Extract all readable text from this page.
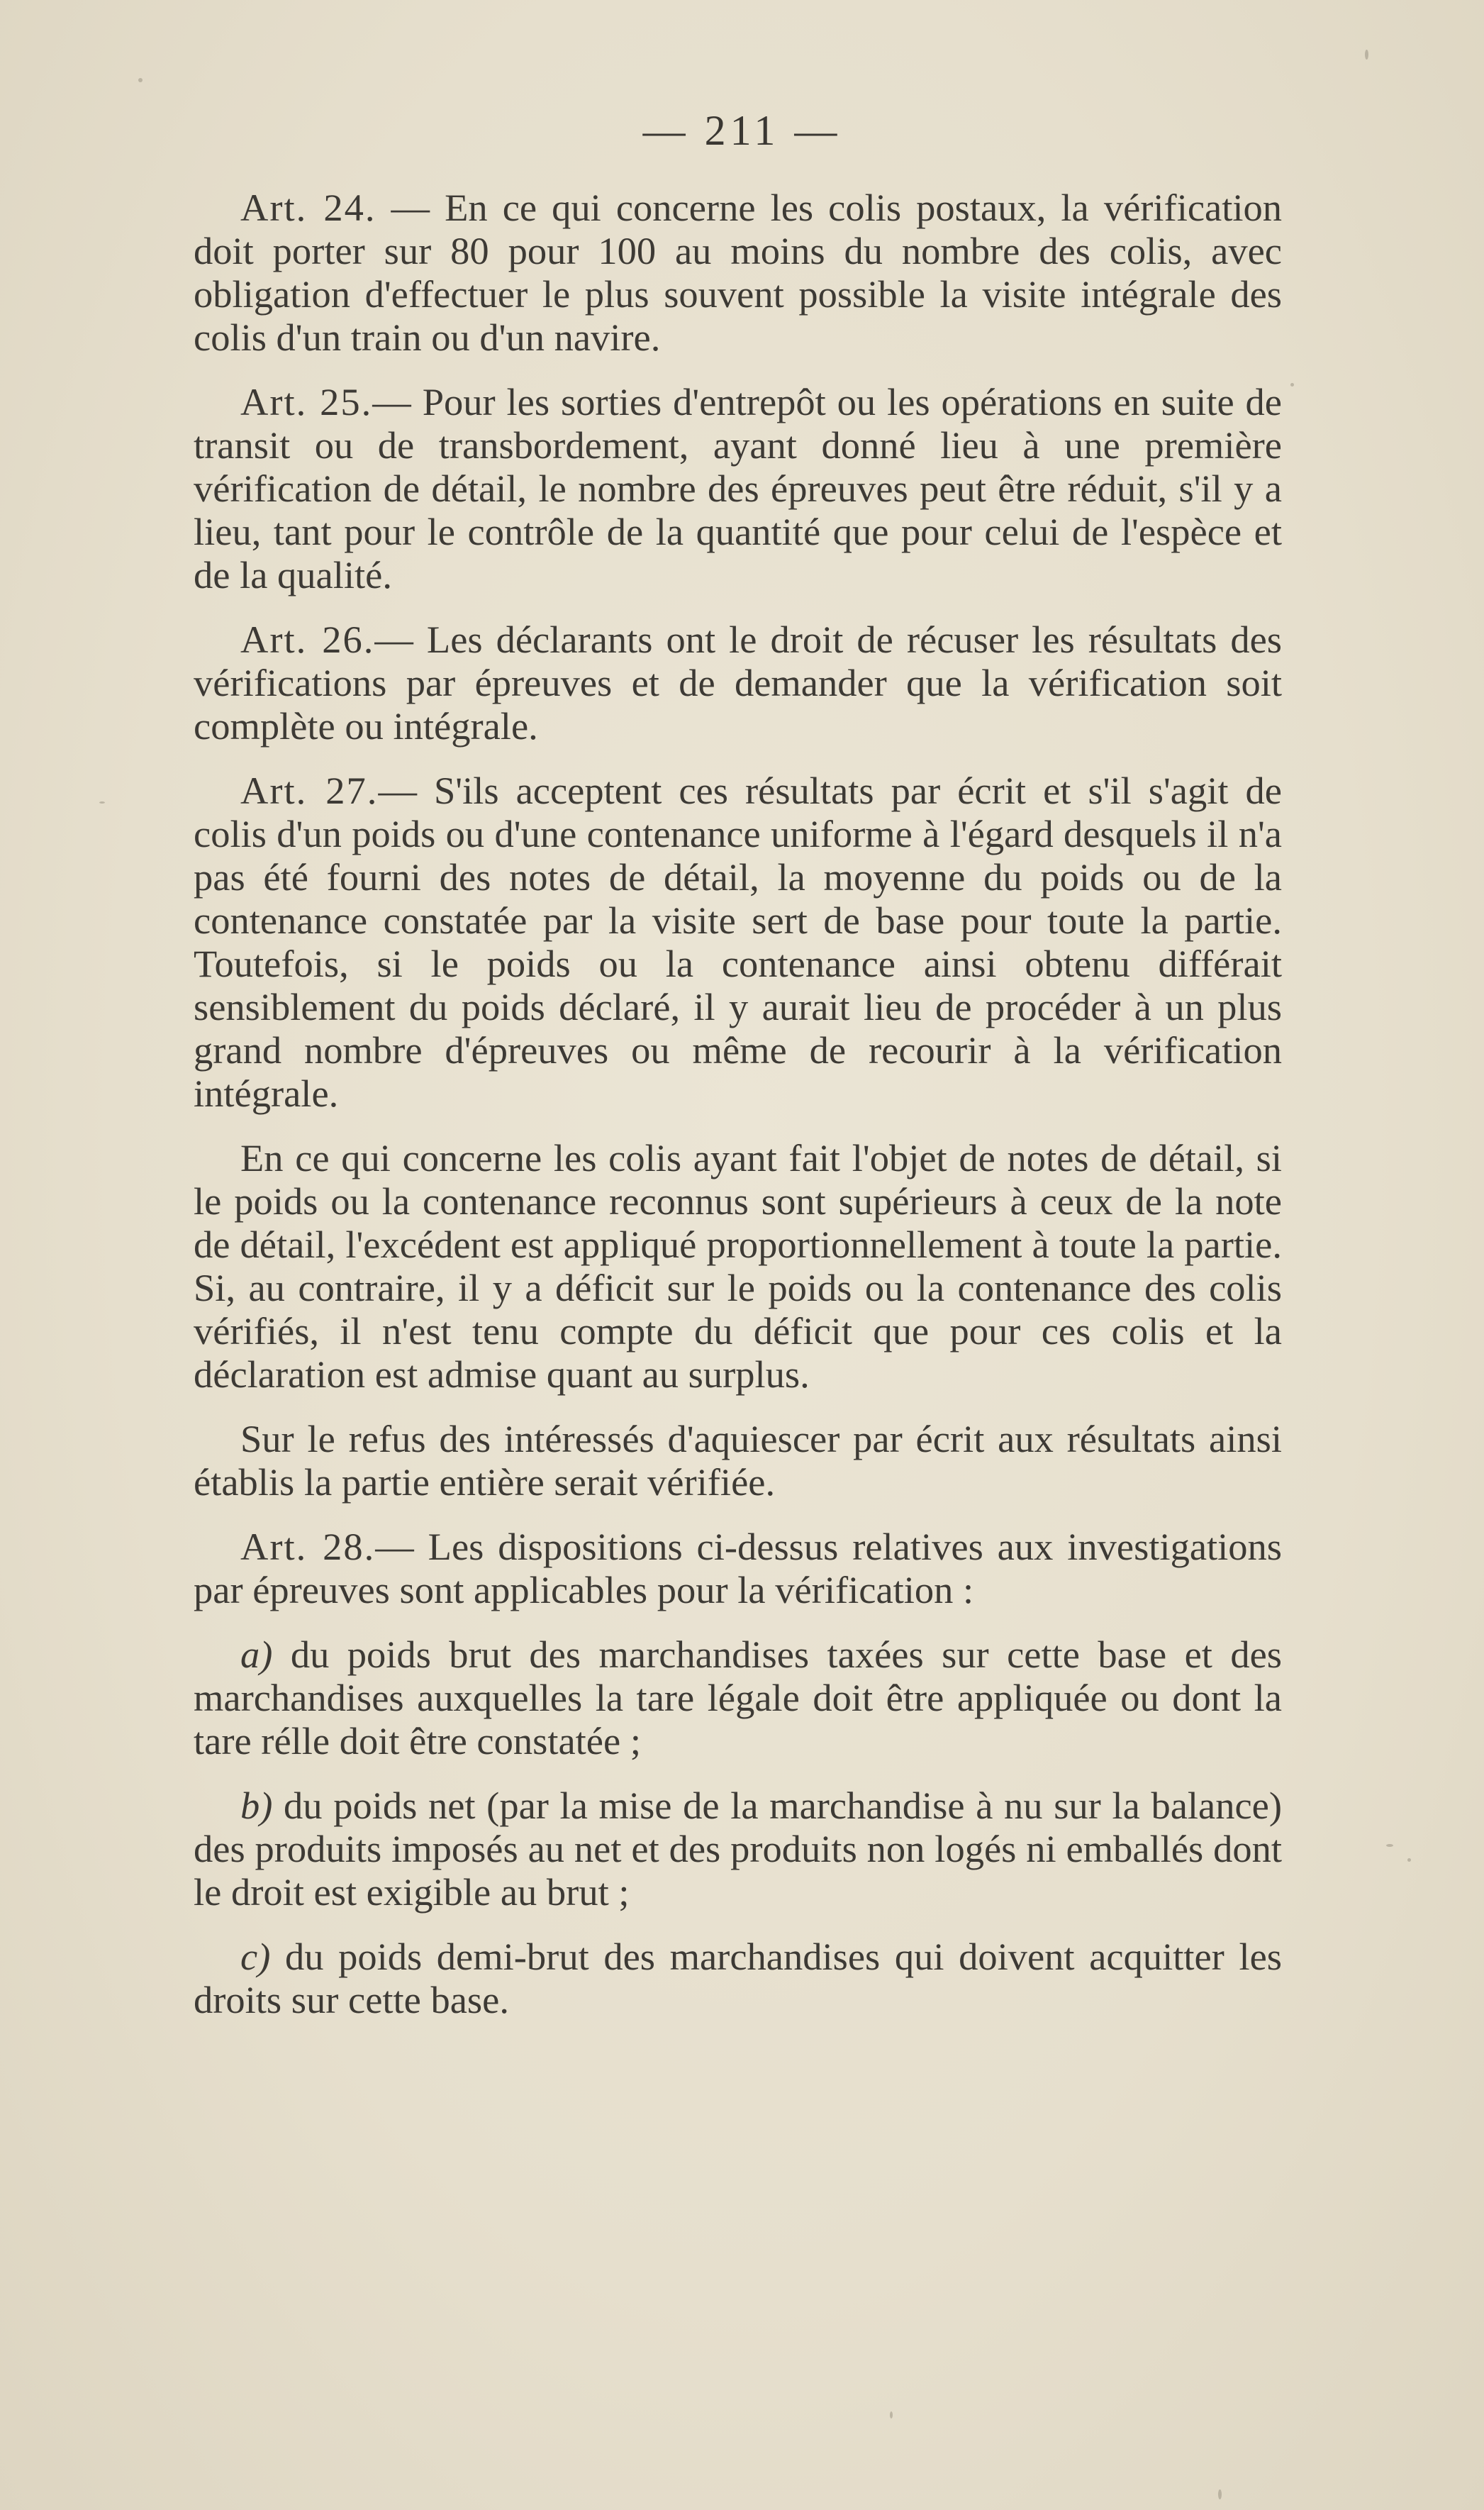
— 211 —

Art. 24. — En ce qui concerne les colis postaux, la vérification doit porter sur 80 pour 100 au moins du nombre des colis, avec obligation d'effectuer le plus souvent possible la visite intégrale des colis d'un train ou d'un navire.

Art. 25.— Pour les sorties d'entrepôt ou les opérations en suite de transit ou de transbordement, ayant donné lieu à une première vérification de détail, le nombre des épreuves peut être réduit, s'il y a lieu, tant pour le contrôle de la quantité que pour celui de l'espèce et de la qualité.

Art. 26.— Les déclarants ont le droit de récuser les résultats des vérifications par épreuves et de demander que la vérification soit complète ou intégrale.

Art. 27.— S'ils acceptent ces résultats par écrit et s'il s'agit de colis d'un poids ou d'une contenance uniforme à l'égard desquels il n'a pas été fourni des notes de détail, la moyenne du poids ou de la contenance constatée par la visite sert de base pour toute la partie. Toutefois, si le poids ou la contenance ainsi obtenu différait sensiblement du poids déclaré, il y aurait lieu de procéder à un plus grand nombre d'épreuves ou même de recourir à la vérification intégrale.

En ce qui concerne les colis ayant fait l'objet de notes de détail, si le poids ou la contenance reconnus sont supérieurs à ceux de la note de détail, l'excédent est appliqué proportionnellement à toute la partie. Si, au contraire, il y a déficit sur le poids ou la contenance des colis vérifiés, il n'est tenu compte du déficit que pour ces colis et la déclaration est admise quant au surplus.

Sur le refus des intéressés d'aquiescer par écrit aux résultats ainsi établis la partie entière serait vérifiée.

Art. 28.— Les dispositions ci-dessus relatives aux investigations par épreuves sont applicables pour la vérification :

a) du poids brut des marchandises taxées sur cette base et des marchandises auxquelles la tare légale doit être appliquée ou dont la tare rélle doit être constatée ;

b) du poids net (par la mise de la marchandise à nu sur la balance) des produits imposés au net et des produits non logés ni emballés dont le droit est exigible au brut ;

c) du poids demi-brut des marchandises qui doivent acquitter les droits sur cette base.
